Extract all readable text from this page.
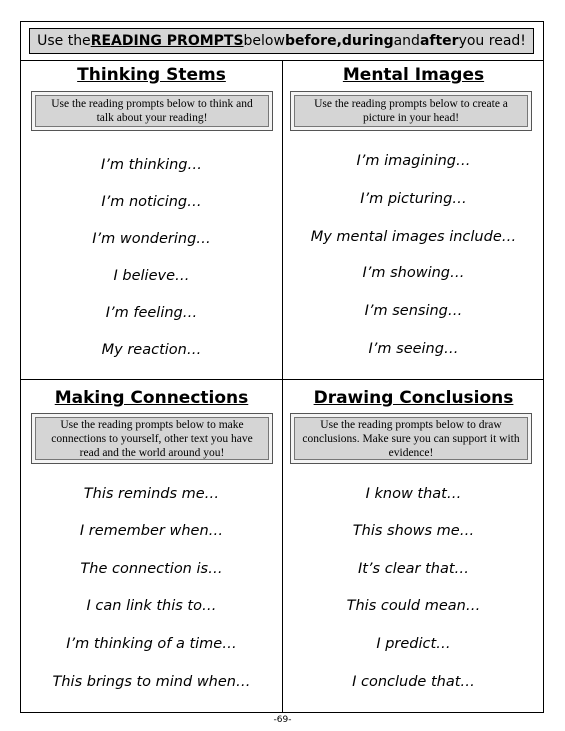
Use the READING PROMPTS below before, during and after you read!
Thinking Stems
Use the reading prompts below to think and talk about your reading!
I’m thinking…
I’m noticing…
I’m wondering…
I believe…
I’m feeling…
My reaction…
Mental Images
Use the reading prompts below to create a picture in your head!
I’m imagining…
I’m picturing…
My mental images include…
I’m showing…
I’m sensing…
I’m seeing…
Making Connections
Use the reading prompts below to make connections to yourself, other text you have read and the world around you!
This reminds me…
I remember when…
The connection is…
I can link this to…
I’m thinking of a time…
This brings to mind when…
Drawing Conclusions
Use the reading prompts below to draw conclusions. Make sure you can support it with evidence!
I know that…
This shows me…
It’s clear that…
This could mean…
I predict…
I conclude that…
-69-
